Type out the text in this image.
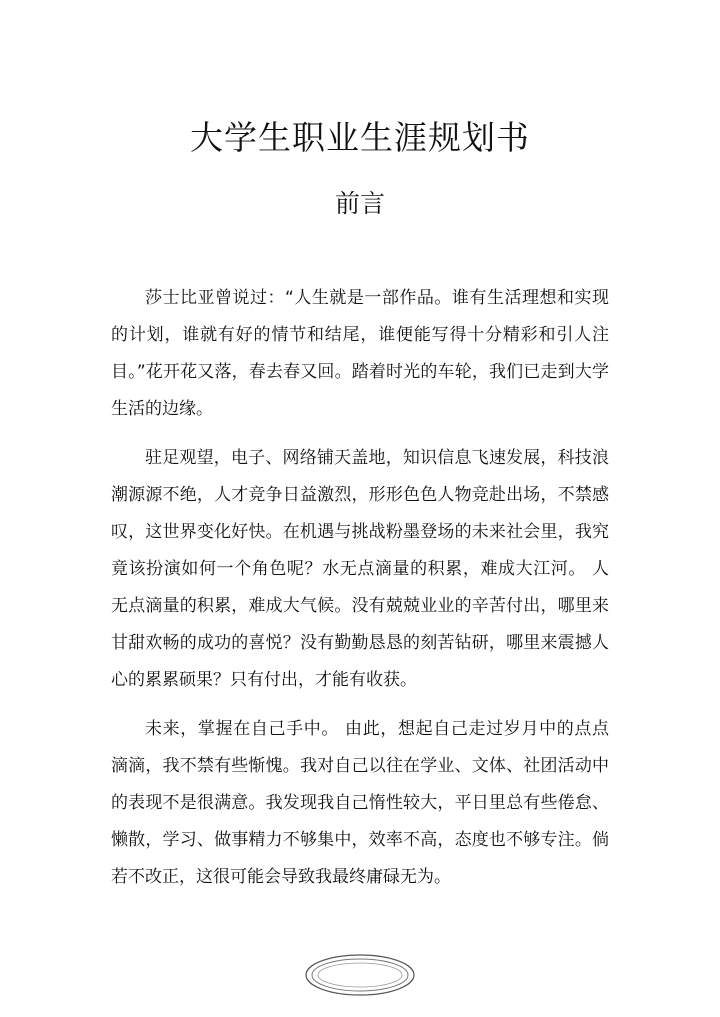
大学生职业生涯规划书
前言

莎士比亚曾说过：“人生就是一部作品。谁有生活理想和实现的计划，谁就有好的情节和结尾，谁便能写得十分精彩和引人注目。”花开花又落，春去春又回。踏着时光的车轮，我们已走到大学生活的边缘。

驻足观望，电子、网络铺天盖地，知识信息飞速发展，科技浪潮源源不绝，人才竞争日益激烈，形形色色人物竞赴出场，不禁感叹，这世界变化好快。在机遇与挑战粉墨登场的未来社会里，我究竟该扮演如何一个角色呢？水无点滴量的积累，难成大江河。 人无点滴量的积累，难成大气候。没有兢兢业业的辛苦付出，哪里来甘甜欢畅的成功的喜悦？没有勤勤恳恳的刻苦钻研，哪里来震撼人心的累累硕果？只有付出，才能有收获。

未来，掌握在自己手中。 由此，想起自己走过岁月中的点点滴滴，我不禁有些惭愧。我对自己以往在学业、文体、社团活动中的表现不是很满意。我发现我自己惰性较大，平日里总有些倦怠、懒散，学习、做事精力不够集中，效率不高，态度也不够专注。倘若不改正，这很可能会导致我最终庸碌无为。
